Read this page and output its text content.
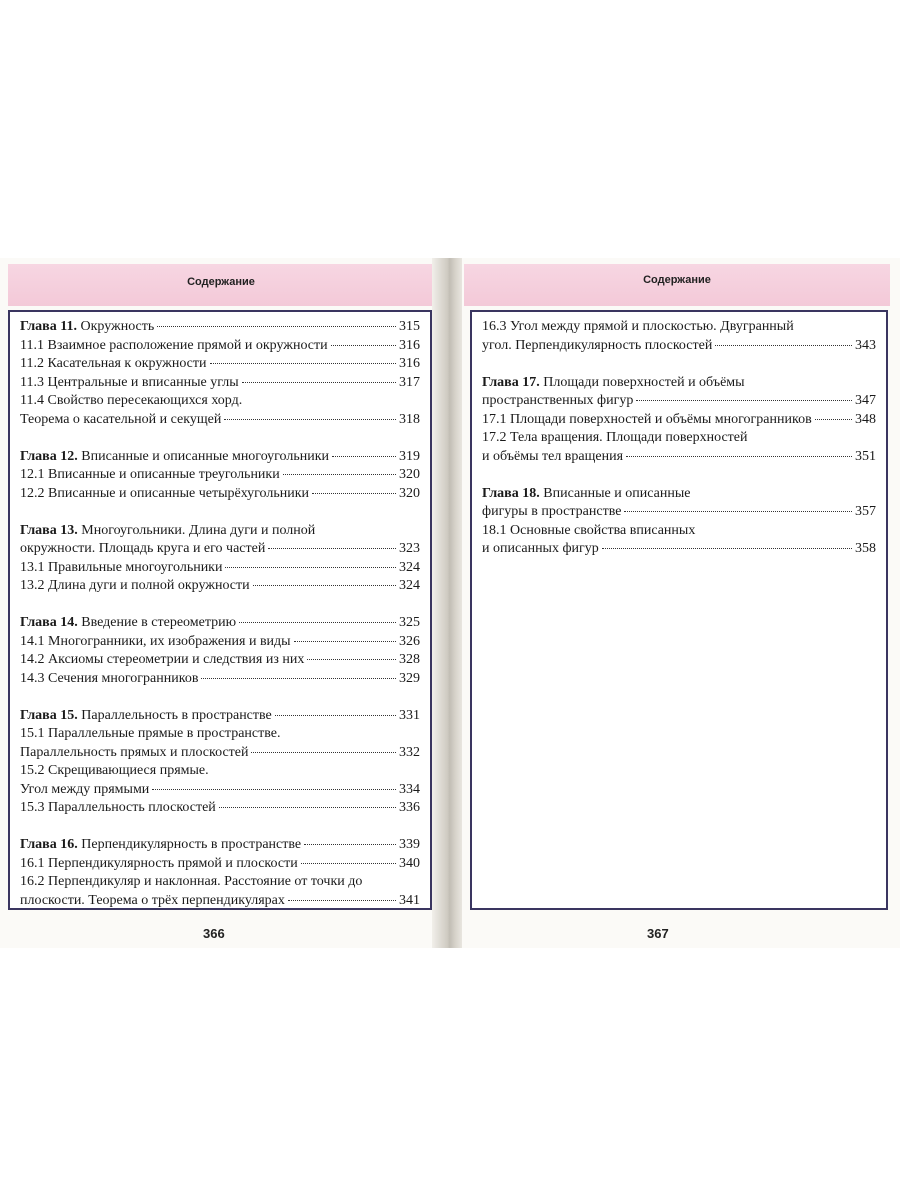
Содержание
Глава 11. Окружность	315
11.1 Взаимное расположение прямой и окружности	316
11.2 Касательная к окружности	316
11.3 Центральные и вписанные углы	317
11.4 Свойство пересекающихся хорд.
Теорема о касательной и секущей	318
Глава 12. Вписанные и описанные многоугольники	319
12.1 Вписанные и описанные треугольники	320
12.2 Вписанные и описанные четырёхугольники	320
Глава 13. Многоугольники. Длина дуги и полной
окружности. Площадь круга и его частей	323
13.1 Правильные многоугольники	324
13.2 Длина дуги и полной окружности	324
Глава 14. Введение в стереометрию	325
14.1 Многогранники, их изображения и виды	326
14.2 Аксиомы стереометрии и следствия из них	328
14.3 Сечения многогранников	329
Глава 15. Параллельность в пространстве	331
15.1 Параллельные прямые в пространстве.
Параллельность прямых и плоскостей	332
15.2 Скрещивающиеся прямые.
Угол между прямыми	334
15.3 Параллельность плоскостей	336
Глава 16. Перпендикулярность в пространстве	339
16.1 Перпендикулярность прямой и плоскости	340
16.2 Перпендикуляр и наклонная. Расстояние от точки до
плоскости. Теорема о трёх перпендикулярах	341
366
Содержание
16.3 Угол между прямой и плоскостью. Двугранный
угол. Перпендикулярность плоскостей	343
Глава 17. Площади поверхностей и объёмы
пространственных фигур	347
17.1 Площади поверхностей и объёмы многогранников	348
17.2 Тела вращения. Площади поверхностей
и объёмы тел вращения	351
Глава 18. Вписанные и описанные
фигуры в пространстве	357
18.1 Основные свойства вписанных
и описанных фигур	358
367
